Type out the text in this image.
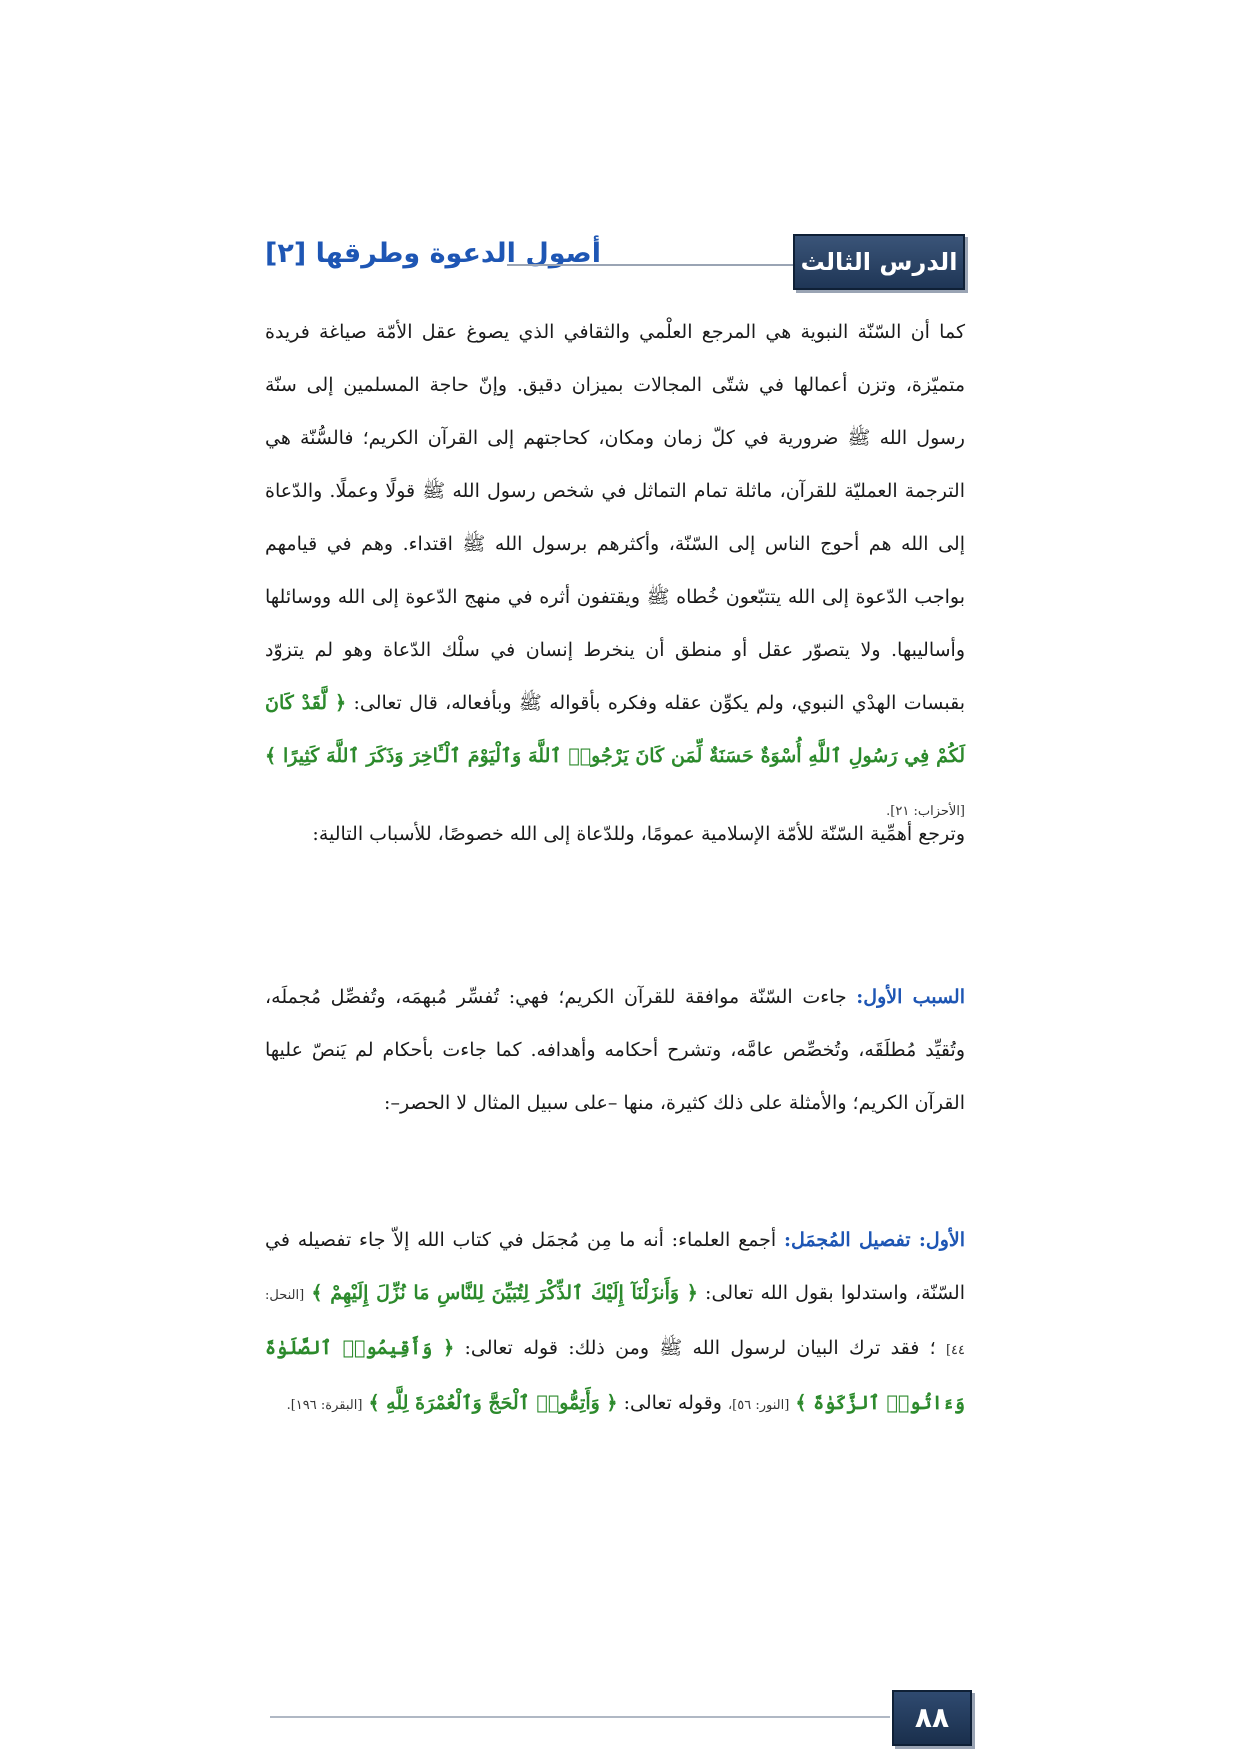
أصول الدعوة وطرقها [٢]	الدرس الثالث

كما أن السّنّة النبوية هي المرجع العلْمي والثقافي الذي يصوغ عقل الأمّة صياغة فريدة متميّزة، وتزن أعمالها في شتّى المجالات بميزان دقيق. وإنّ حاجة المسلمين إلى سنّة رسول الله ﷺ ضرورية في كلّ زمان ومكان، كحاجتهم إلى القرآن الكريم؛ فالسُّنّة هي الترجمة العمليّة للقرآن، ماثلة تمام التماثل في شخص رسول الله ﷺ قولًا وعملًا. والدّعاة إلى الله هم أحوج الناس إلى السّنّة، وأكثرهم برسول الله ﷺ اقتداء. وهم في قيامهم بواجب الدّعوة إلى الله يتتبّعون خُطاه ﷺ ويقتفون أثره في منهج الدّعوة إلى الله ووسائلها وأساليبها. ولا يتصوّر عقل أو منطق أن ينخرط إنسان في سلْك الدّعاة وهو لم يتزوّد بقبسات الهدْي النبوي، ولم يكوِّن عقله وفكره بأقواله ﷺ وبأفعاله، قال تعالى: ﴿ لَّقَدْ كَانَ لَكُمْ فِي رَسُولِ ٱللَّهِ أُسْوَةٌ حَسَنَةٌ لِّمَن كَانَ يَرْجُوا۟ ٱللَّهَ وَٱلْيَوْمَ ٱلْـَٔاخِرَ وَذَكَرَ ٱللَّهَ كَثِيرًا ﴾ [الأحزاب: ٢١].

وترجع أهمِّية السّنّة للأمّة الإسلامية عمومًا، وللدّعاة إلى الله خصوصًا، للأسباب التالية:

السبب الأول: جاءت السّنّة موافقة للقرآن الكريم؛ فهي: تُفسِّر مُبهمَه، وتُفصِّل مُجملَه، وتُقيِّد مُطلَقَه، وتُخصِّص عامَّه، وتشرح أحكامه وأهدافه. كما جاءت بأحكام لم يَنصّ عليها القرآن الكريم؛ والأمثلة على ذلك كثيرة، منها –على سبيل المثال لا الحصر–:

الأول: تفصيل المُجمَل: أجمع العلماء: أنه ما مِن مُجمَل في كتاب الله إلاّ جاء تفصيله في السّنّة، واستدلوا بقول الله تعالى: ﴿ وَأَنزَلْنَآ إِلَيْكَ ٱلذِّكْرَ لِتُبَيِّنَ لِلنَّاسِ مَا نُزِّلَ إِلَيْهِمْ ﴾ [النحل: ٤٤] ؛ فقد ترك البيان لرسول الله ﷺ ومن ذلك: قوله تعالى: ﴿ وَأَقِيمُوا۟ ٱلصَّلَوٰةَ وَءَاتُوا۟ ٱلزَّكَوٰةَ ﴾ [النور: ٥٦]، وقوله تعالى: ﴿ وَأَتِمُّوا۟ ٱلْحَجَّ وَٱلْعُمْرَةَ لِلَّهِ ﴾ [البقرة: ١٩٦].

٨٨
